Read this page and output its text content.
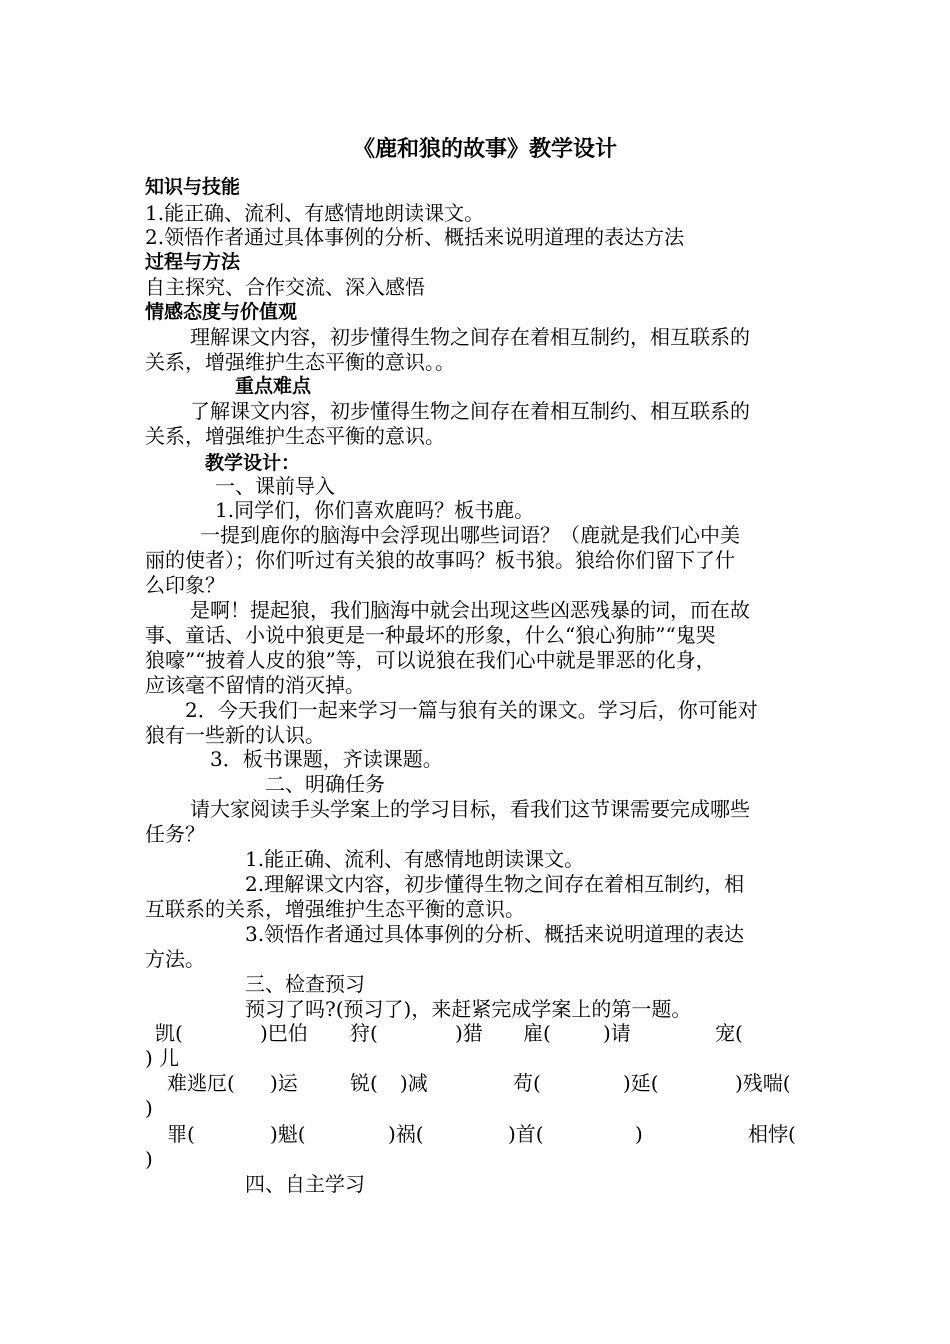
《鹿和狼的故事》教学设计
知识与技能
1.能正确、流利、有感情地朗读课文。
2.领悟作者通过具体事例的分析、概括来说明道理的表达方法
过程与方法
自主探究、合作交流、深入感悟
情感态度与价值观
理解课文内容，初步懂得生物之间存在着相互制约，相互联系的
关系，增强维护生态平衡的意识。。
重点难点
了解课文内容，初步懂得生物之间存在着相互制约、相互联系的
关系，增强维护生态平衡的意识。
教学设计：
一、课前导入
1.同学们，你们喜欢鹿吗？板书鹿。
一提到鹿你的脑海中会浮现出哪些词语？（鹿就是我们心中美
丽的使者）；你们听过有关狼的故事吗？板书狼。狼给你们留下了什
么印象？
是啊！提起狼，我们脑海中就会出现这些凶恶残暴的词，而在故
事、童话、小说中狼更是一种最坏的形象，什么“狼心狗肺”“鬼哭
狼嚎”“披着人皮的狼”等，可以说狼在我们心中就是罪恶的化身，
应该毫不留情的消灭掉。
2．今天我们一起来学习一篇与狼有关的课文。学习后，你可能对
狼有一些新的认识。
3．板书课题，齐读课题。
二、明确任务
请大家阅读手头学案上的学习目标，看我们这节课需要完成哪些
任务？
1.能正确、流利、有感情地朗读课文。
2.理解课文内容，初步懂得生物之间存在着相互制约，相
互联系的关系，增强维护生态平衡的意识。
3.领悟作者通过具体事例的分析、概括来说明道理的表达
方法。
三、检查预习
预习了吗?(预习了)，来赶紧完成学案上的第一题。
凯(	)巴伯 狩(	)猎 雇(	)请	宠(
) 儿
难逃厄( )运	锐( )减	苟(	)延(	)残喘(
)
罪(	)魁(	)祸(	)首(	)	相悖(
)
四、自主学习
